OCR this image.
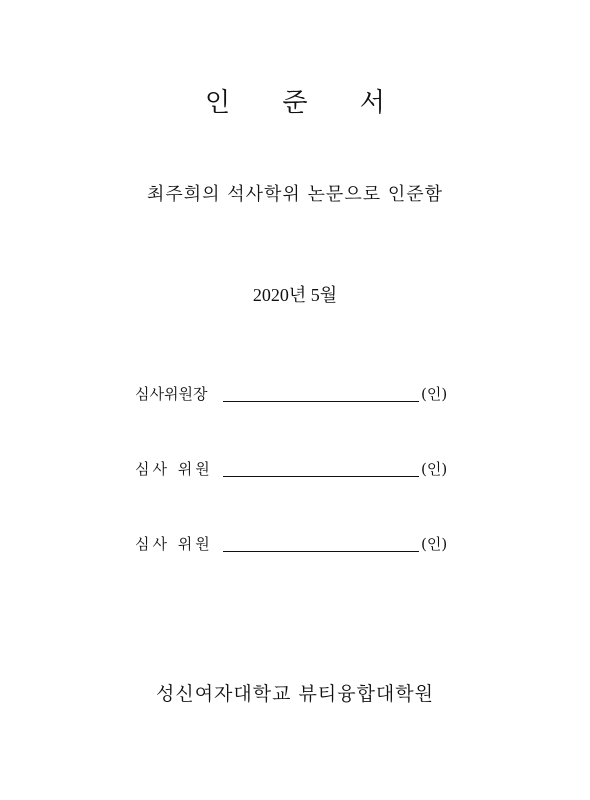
인 준 서
최주희의 석사학위 논문으로 인준함
2020년 5월
심사위원장	(인)
심사 위원	(인)
심사 위원	(인)
성신여자대학교 뷰티융합대학원
